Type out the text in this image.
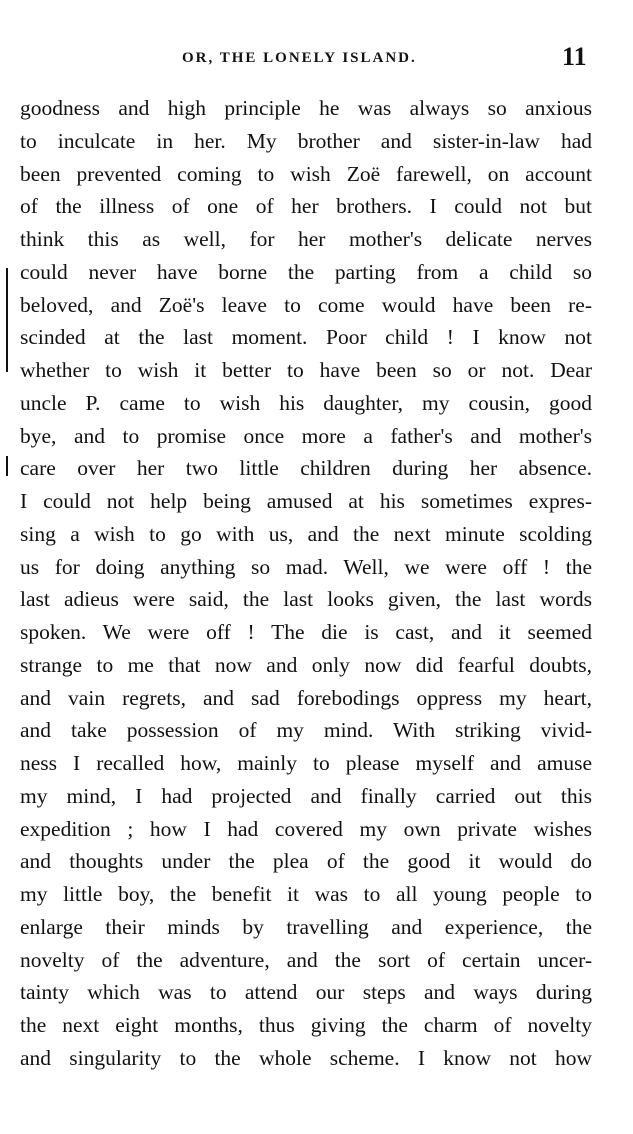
OR, THE LONELY ISLAND.	11
goodness and high principle he was always so anxious
to inculcate in her. My brother and sister-in-law had
been prevented coming to wish Zoë farewell, on account
of the illness of one of her brothers. I could not but
think this as well, for her mother's delicate nerves
could never have borne the parting from a child so
beloved, and Zoë's leave to come would have been re-
scinded at the last moment. Poor child ! I know not
whether to wish it better to have been so or not. Dear
uncle P. came to wish his daughter, my cousin, good
bye, and to promise once more a father's and mother's
care over her two little children during her absence.
I could not help being amused at his sometimes expres-
sing a wish to go with us, and the next minute scolding
us for doing anything so mad. Well, we were off ! the
last adieus were said, the last looks given, the last words
spoken. We were off ! The die is cast, and it seemed
strange to me that now and only now did fearful doubts,
and vain regrets, and sad forebodings oppress my heart,
and take possession of my mind. With striking vivid-
ness I recalled how, mainly to please myself and amuse
my mind, I had projected and finally carried out this
expedition ; how I had covered my own private wishes
and thoughts under the plea of the good it would do
my little boy, the benefit it was to all young people to
enlarge their minds by travelling and experience, the
novelty of the adventure, and the sort of certain uncer-
tainty which was to attend our steps and ways during
the next eight months, thus giving the charm of novelty
and singularity to the whole scheme. I know not how
